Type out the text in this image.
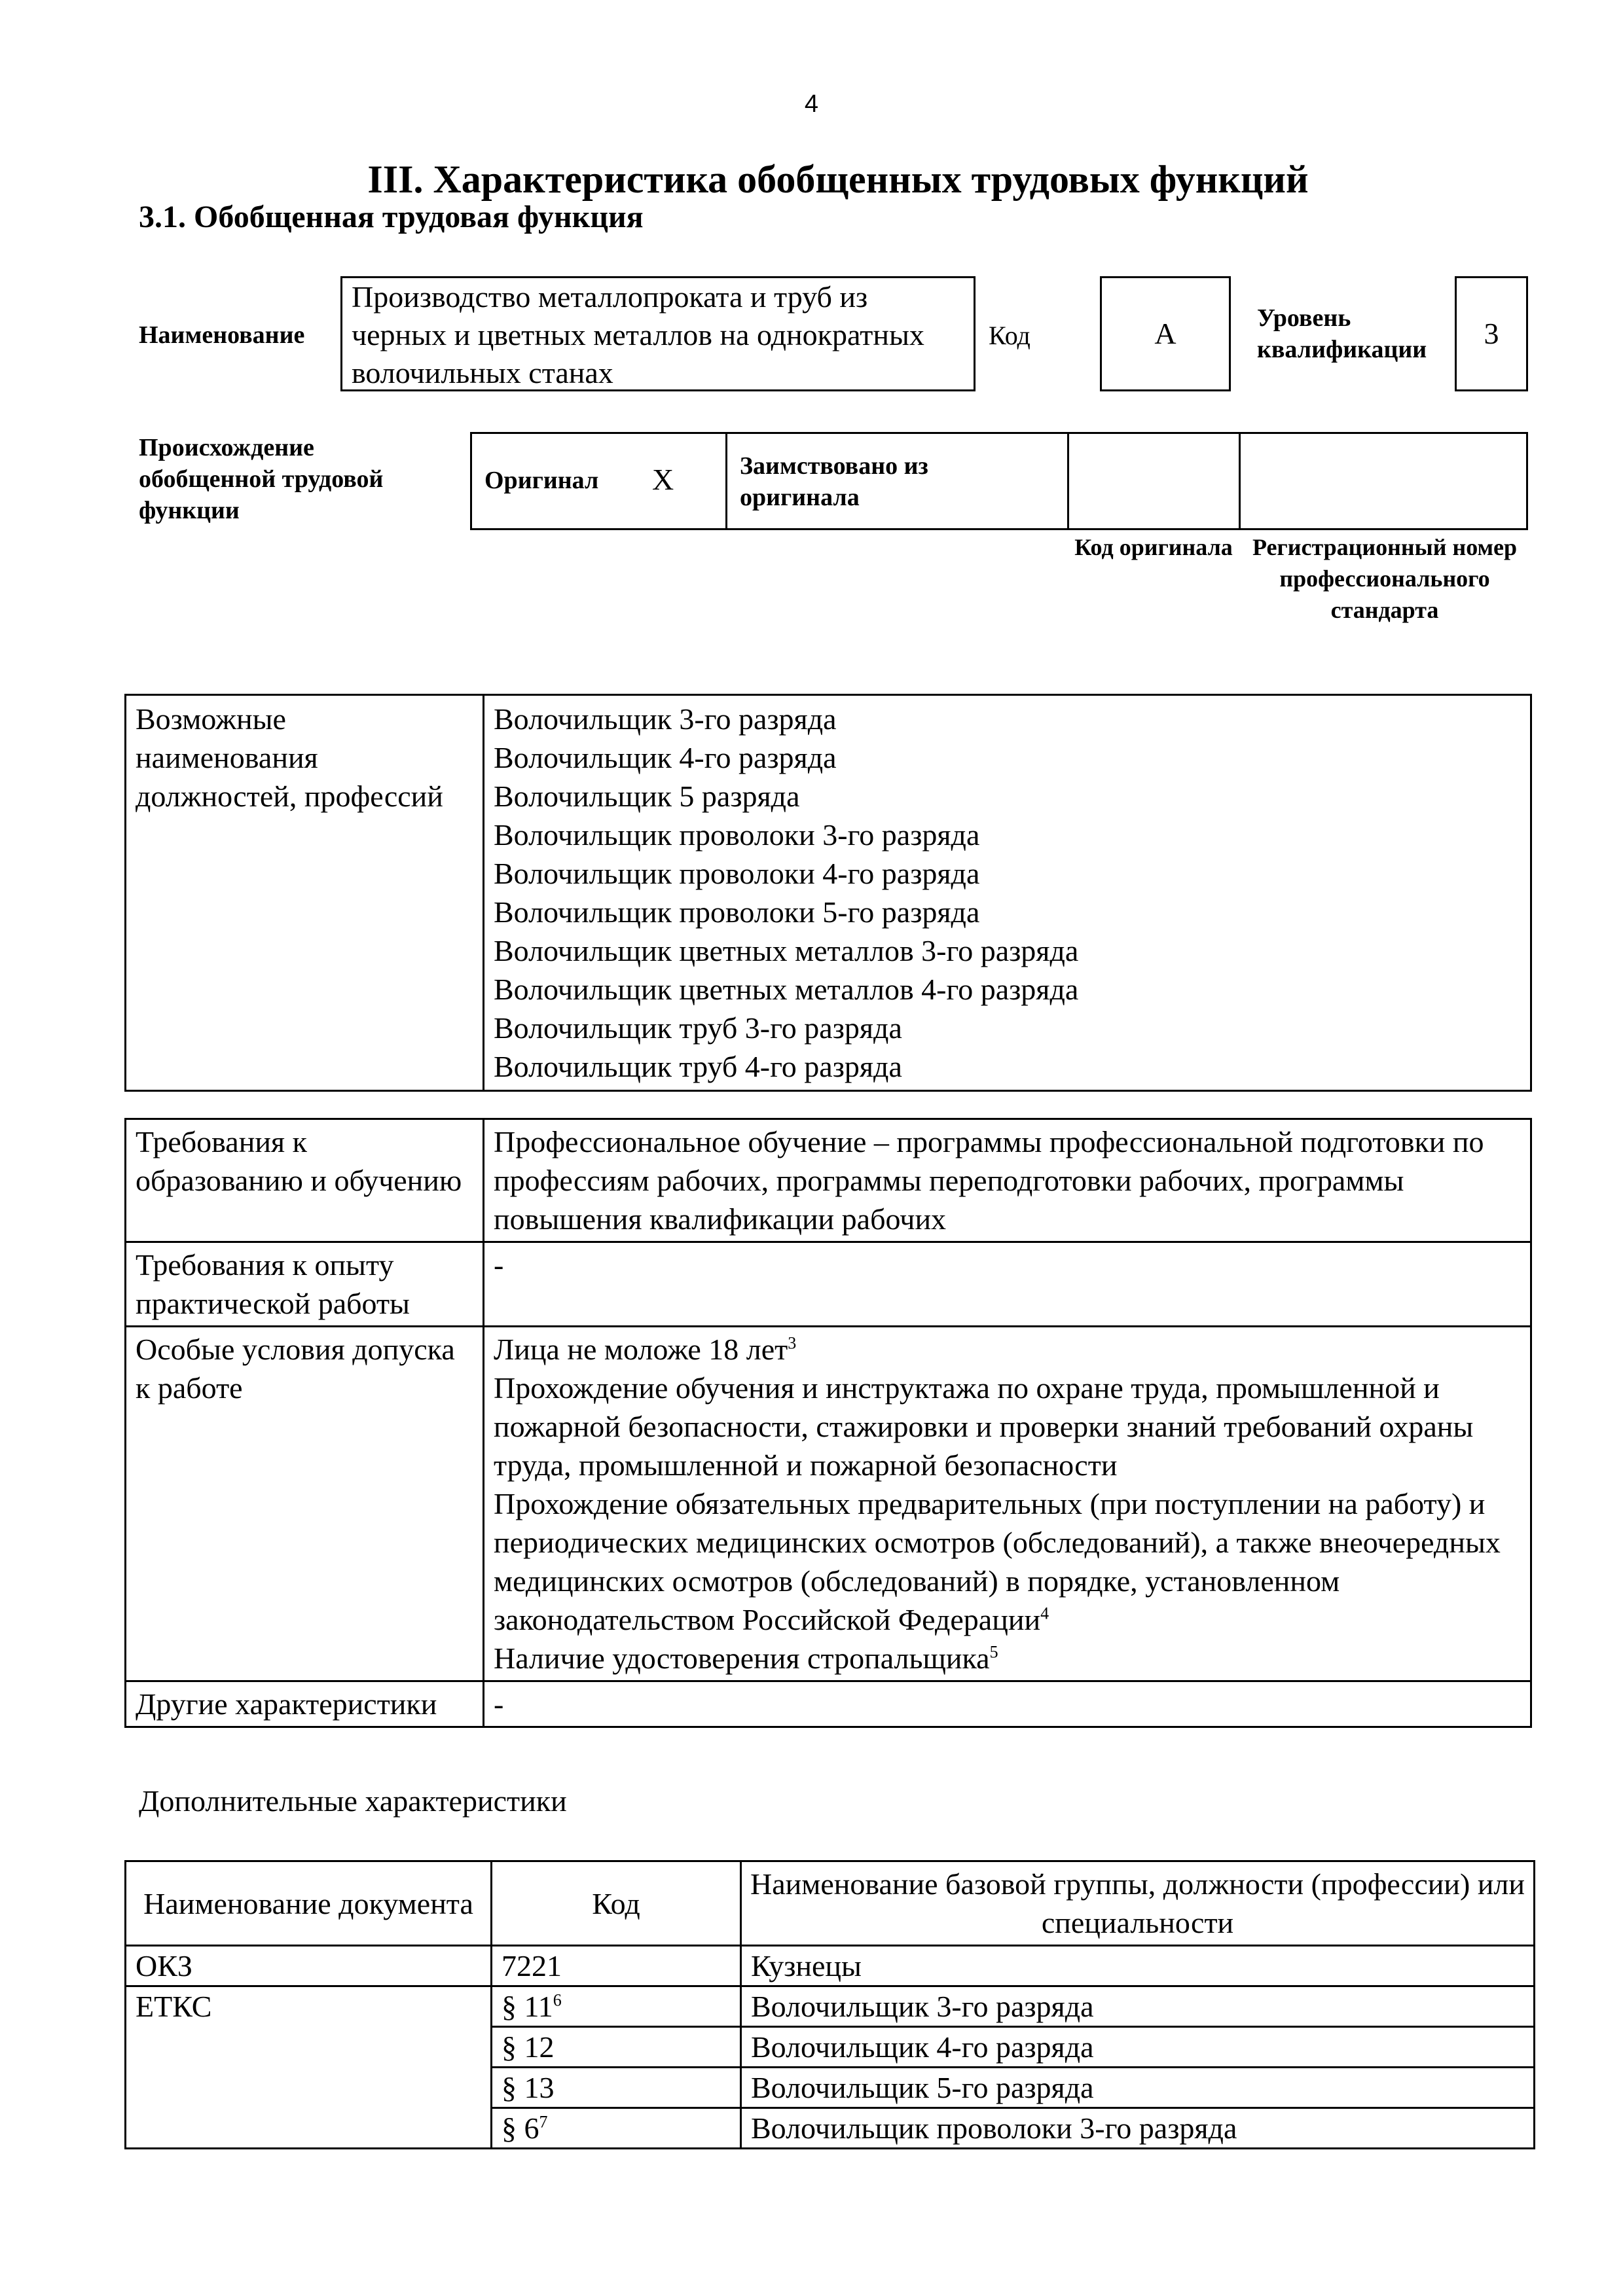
4
III. Характеристика обобщенных трудовых функций
3.1. Обобщенная трудовая функция
Наименование
Производство металлопроката и труб из черных и цветных металлов на однократных волочильных станах
Код	А	Уровень квалификации	3
Происхождение обобщенной трудовой функции
Оригинал X	Заимствовано из оригинала
Код оригинала Регистрационный номер профессионального стандарта
Возможные наименования должностей, профессий	
Волочильщик 3-го разряда
Волочильщик 4-го разряда
Волочильщик 5 разряда
Волочильщик проволоки 3-го разряда
Волочильщик проволоки 4-го разряда
Волочильщик проволоки 5-го разряда
Волочильщик цветных металлов 3-го разряда
Волочильщик цветных металлов 4-го разряда
Волочильщик труб 3-го разряда
Волочильщик труб 4-го разряда
Требования к образованию и обучению	Профессиональное обучение – программы профессиональной подготовки по профессиям рабочих, программы переподготовки рабочих, программы повышения квалификации рабочих
Требования к опыту практической работы	-
Особые условия допуска к работе	Лица не моложе 18 лет$^3$
Прохождение обучения и инструктажа по охране труда, промышленной и пожарной безопасности, стажировки и проверки знаний требований охраны труда, промышленной и пожарной безопасности
Прохождение обязательных предварительных (при поступлении на работу) и периодических медицинских осмотров (обследований), а также внеочередных медицинских осмотров (обследований) в порядке, установленном законодательством Российской Федерации$^4$
Наличие удостоверения стропальщика$^5$

Другие характеристики	-
Дополнительные характеристики
Наименование документа	Код	Наименование базовой группы, должности (профессии) или специальности
ОКЗ	7221	Кузнецы
ЕТКС	§ $11^6$	Волочильщик 3-го разряда
	§ 12	Волочильщик 4-го разряда
	§ 13	Волочильщик 5-го разряда
	§ $6^7$	Волочильщик проволоки 3-го разряда
